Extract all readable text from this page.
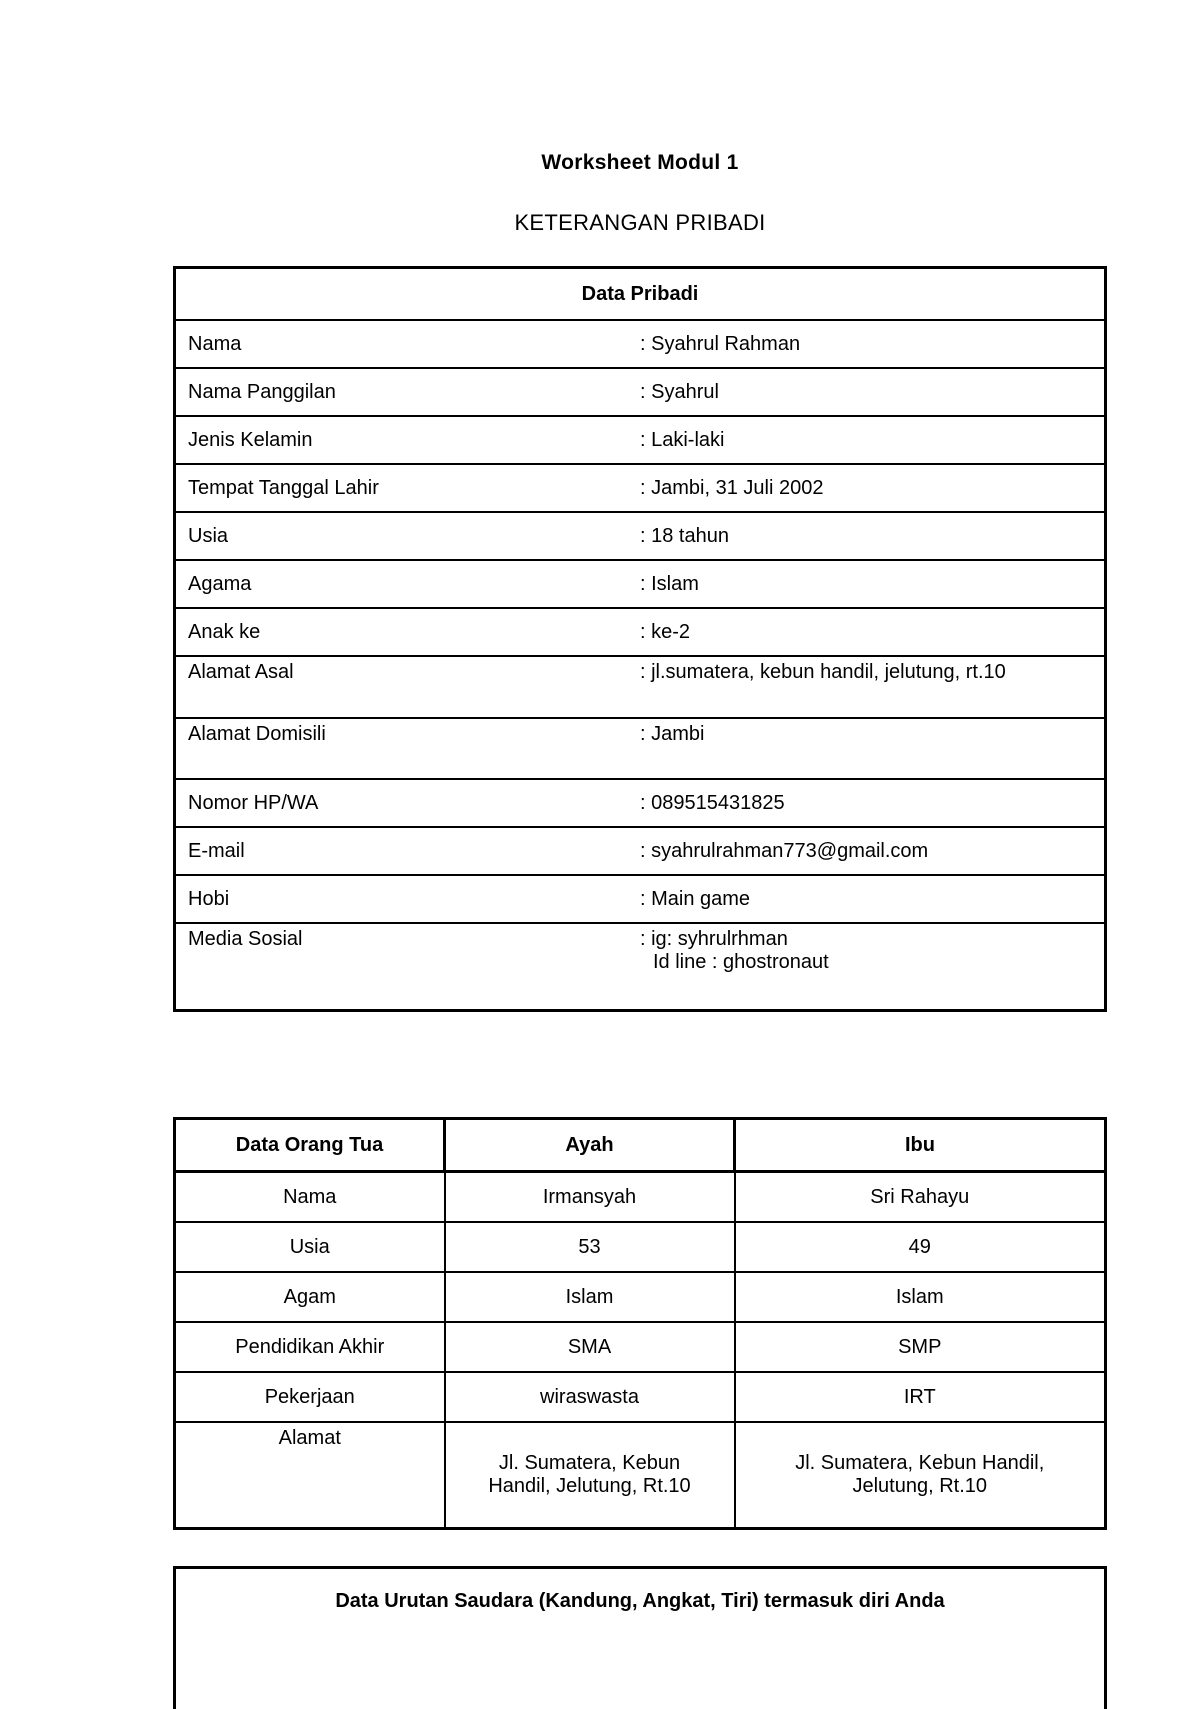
Worksheet Modul 1
KETERANGAN PRIBADI
Data Pribadi	
Nama	: Syahrul Rahman
Nama Panggilan	: Syahrul
Jenis Kelamin	: Laki-laki
Tempat Tanggal Lahir	: Jambi, 31 Juli 2002
Usia	: 18 tahun
Agama	: Islam
Anak ke	: ke-2
Alamat Asal	: jl.sumatera, kebun handil, jelutung, rt.10
Alamat Domisili	: Jambi
Nomor HP/WA	: 089515431825
E-mail	: syahrulrahman773@gmail.com
Hobi	: Main game
Media Sosial	: ig: syhrulrhman
Id line : ghostronaut
Data Orang Tua	Ayah	Ibu
Nama	Irmansyah	Sri Rahayu
Usia	53	49
Agam	Islam	Islam
Pendidikan Akhir	SMA	SMP
Pekerjaan	wiraswasta	IRT
Alamat	Jl. Sumatera, Kebun Handil, Jelutung, Rt.10	Jl. Sumatera, Kebun Handil, Jelutung, Rt.10
Data Urutan Saudara (Kandung, Angkat, Tiri) termasuk diri Anda
